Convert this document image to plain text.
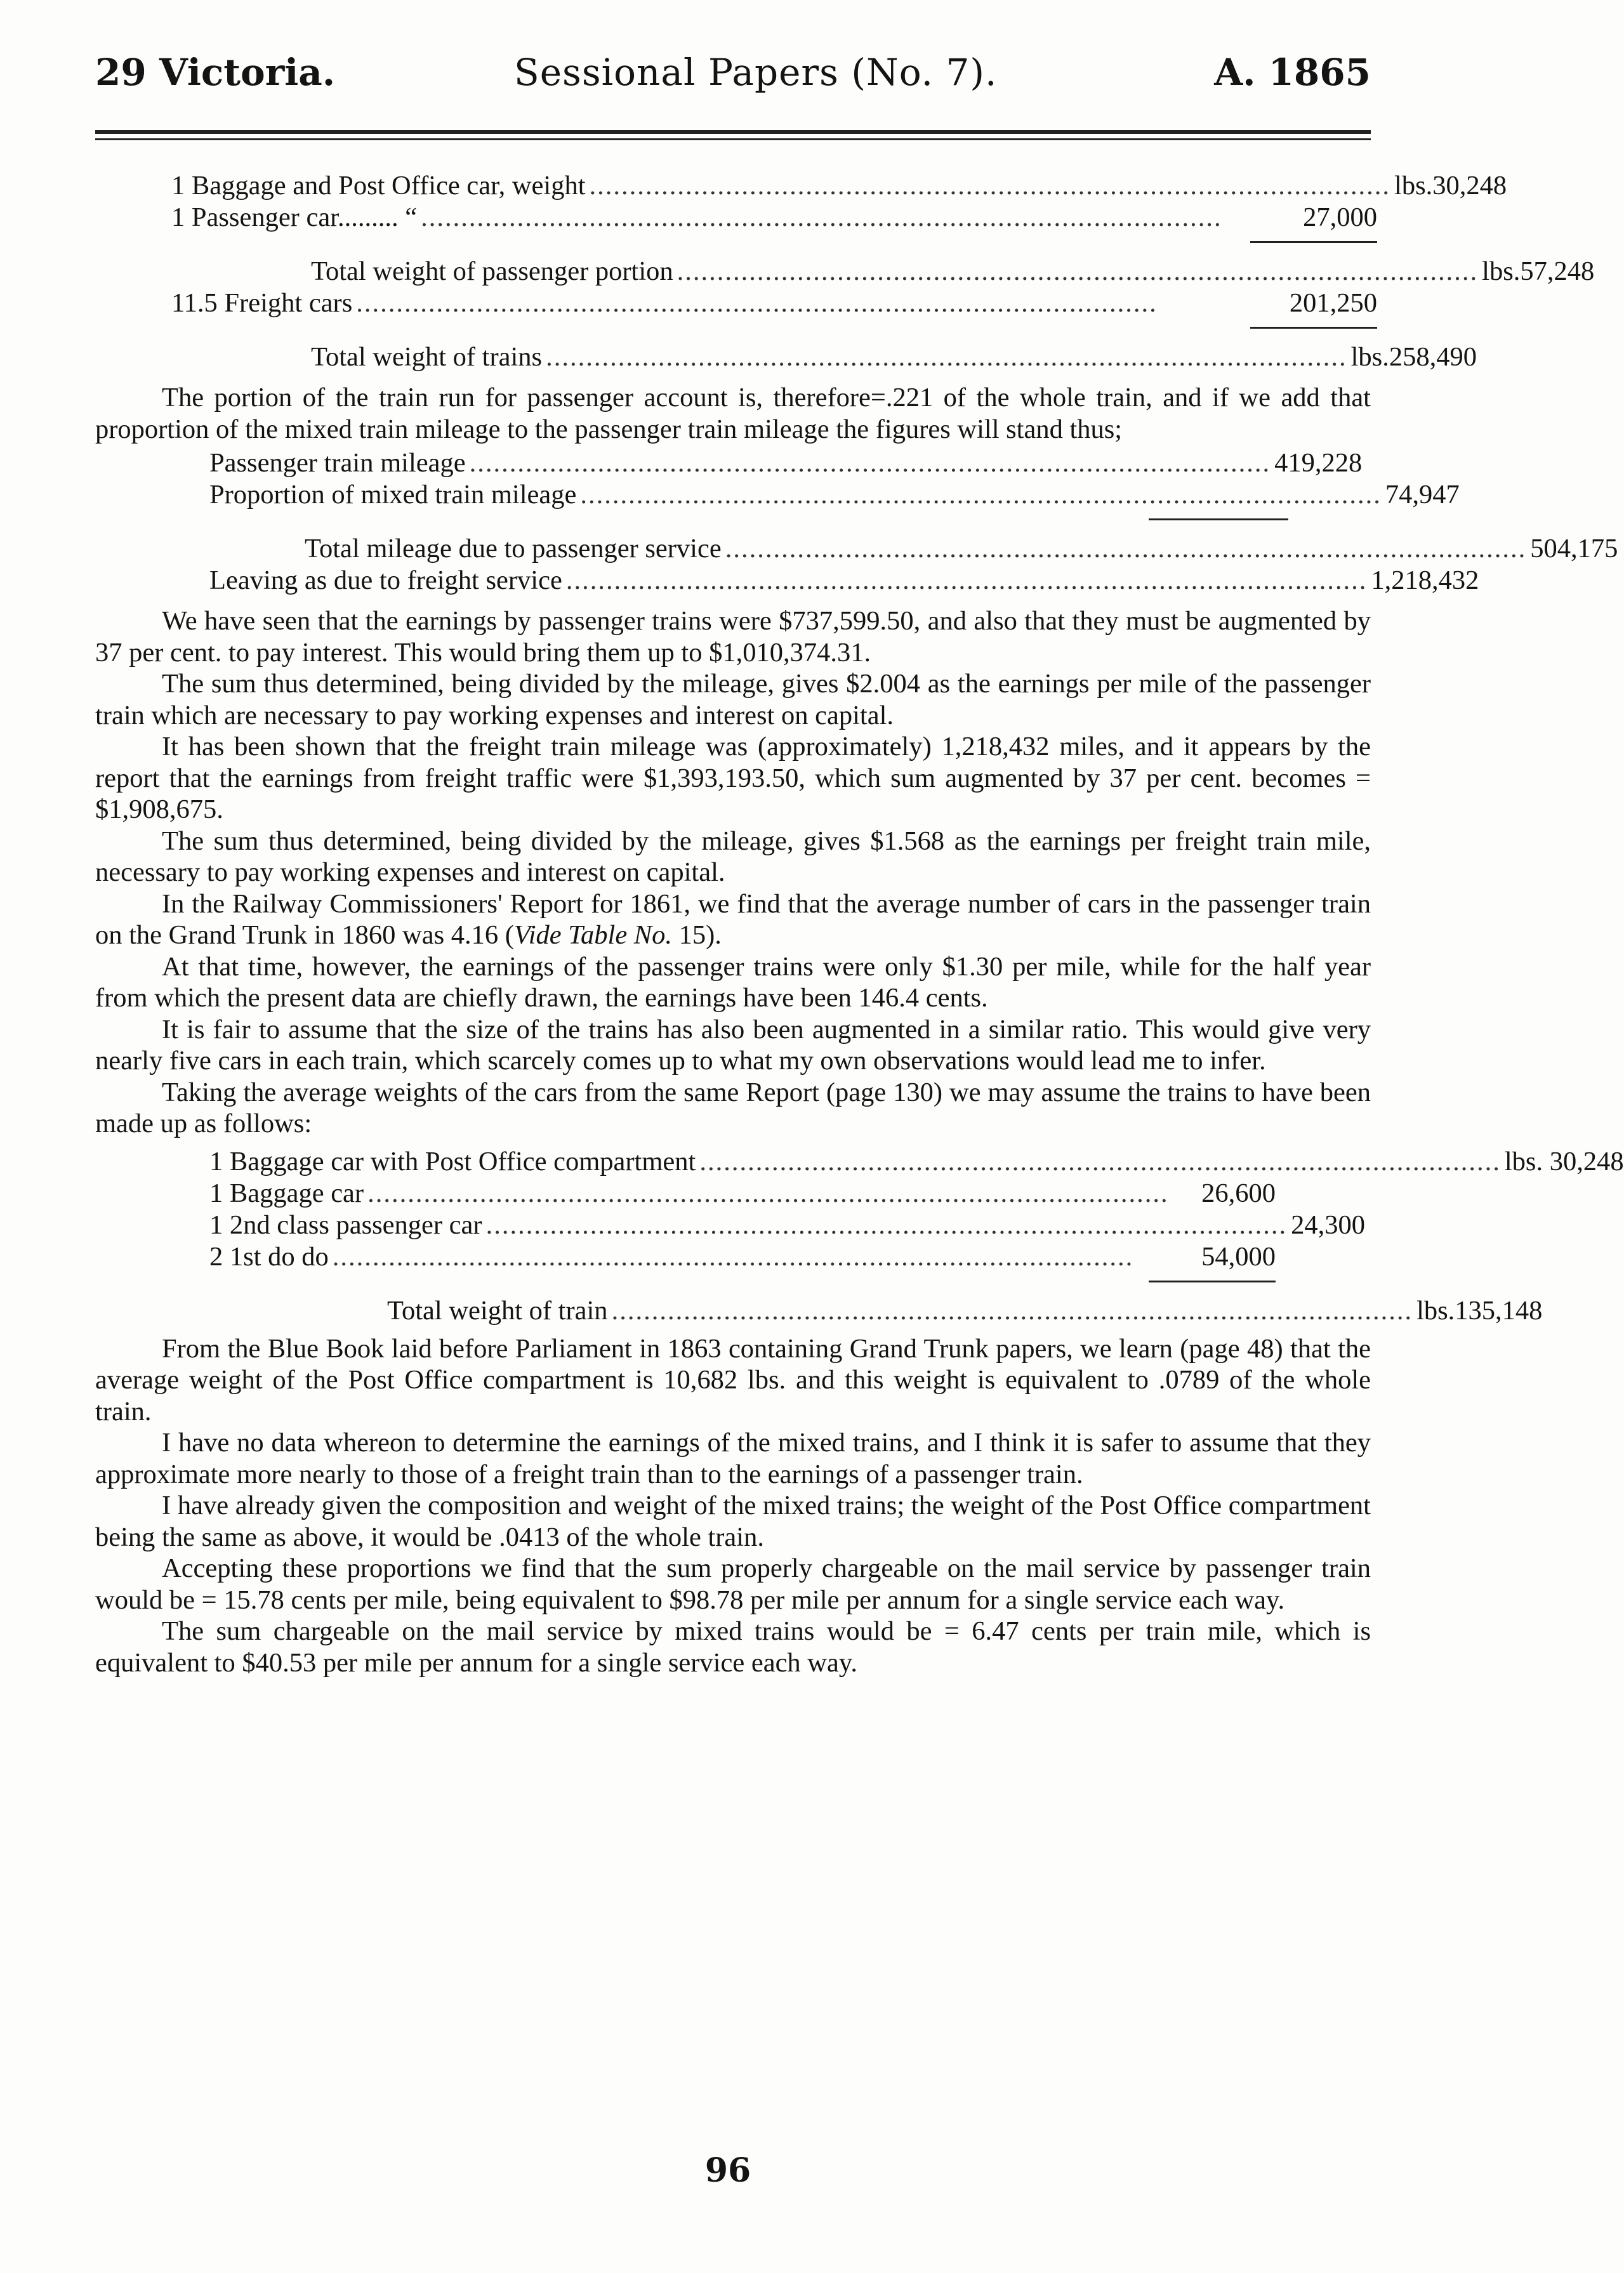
29 Victoria.	Sessional Papers (No. 7).	A. 1865
1 Baggage and Post Office car, weight .................................................................................................... lbs.30,248
1 Passenger car......... “ ....................................................................................................	27,000
Total weight of passenger portion .................................................................................................... lbs.57,248
11.5 Freight cars ....................................................................................................	201,250
Total weight of trains .................................................................................................... lbs.258,490

The portion of the train run for passenger account is, therefore=.221 of the whole train, and if we add that proportion of the mixed train mileage to the passenger train mileage the figures will stand thus;

Passenger train mileage .................................................................................................... 419,228
Proportion of mixed train mileage .................................................................................................... 74,947
Total mileage due to passenger service .................................................................................................... 504,175
Leaving as due to freight service .................................................................................................... 1,218,432

We have seen that the earnings by passenger trains were $737,599.50, and also that they must be augmented by 37 per cent. to pay interest. This would bring them up to $1,010,374.31.

The sum thus determined, being divided by the mileage, gives $2.004 as the earnings per mile of the passenger train which are necessary to pay working expenses and interest on capital.

It has been shown that the freight train mileage was (approximately) 1,218,432 miles, and it appears by the report that the earnings from freight traffic were $1,393,193.50, which sum augmented by 37 per cent. becomes = $1,908,675.

The sum thus determined, being divided by the mileage, gives $1.568 as the earnings per freight train mile, necessary to pay working expenses and interest on capital.

In the Railway Commissioners' Report for 1861, we find that the average number of cars in the passenger train on the Grand Trunk in 1860 was 4.16 (Vide Table No. 15).

At that time, however, the earnings of the passenger trains were only $1.30 per mile, while for the half year from which the present data are chiefly drawn, the earnings have been 146.4 cents.

It is fair to assume that the size of the trains has also been augmented in a similar ratio. This would give very nearly five cars in each train, which scarcely comes up to what my own observations would lead me to infer.

Taking the average weights of the cars from the same Report (page 130) we may assume the trains to have been made up as follows:

1 Baggage car with Post Office compartment .................................................................................................... lbs. 30,248
1 Baggage car ....................................................................................................	26,600
1 2nd class passenger car .................................................................................................... 24,300
2 1st do do ....................................................................................................	54,000
Total weight of train .................................................................................................... lbs.135,148

From the Blue Book laid before Parliament in 1863 containing Grand Trunk papers, we learn (page 48) that the average weight of the Post Office compartment is 10,682 lbs. and this weight is equivalent to .0789 of the whole train.

I have no data whereon to determine the earnings of the mixed trains, and I think it is safer to assume that they approximate more nearly to those of a freight train than to the earnings of a passenger train.

I have already given the composition and weight of the mixed trains; the weight of the Post Office compartment being the same as above, it would be .0413 of the whole train.

Accepting these proportions we find that the sum properly chargeable on the mail service by passenger train would be = 15.78 cents per mile, being equivalent to $98.78 per mile per annum for a single service each way.

The sum chargeable on the mail service by mixed trains would be = 6.47 cents per train mile, which is equivalent to $40.53 per mile per annum for a single service each way.

96
